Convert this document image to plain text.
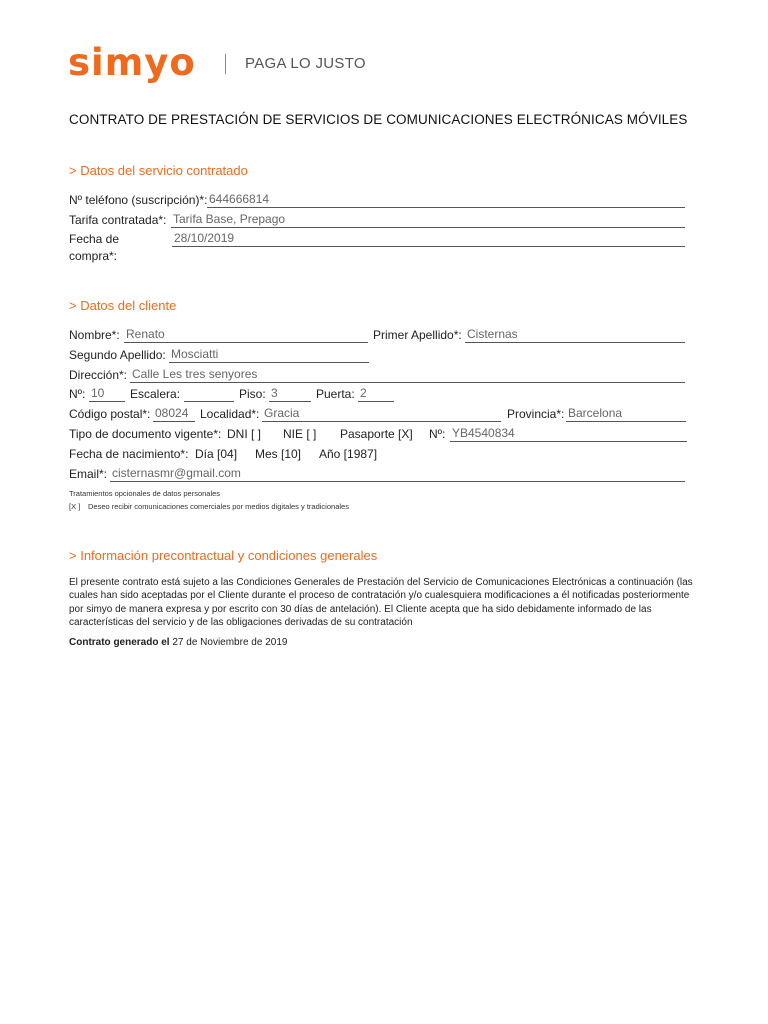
simyo	PAGA LO JUSTO
CONTRATO DE PRESTACIÓN DE SERVICIOS DE COMUNICACIONES ELECTRÓNICAS MÓVILES
> Datos del servicio contratado
Nº teléfono (suscripción)*: 644666814
Tarifa contratada*: Tarifa Base, Prepago
Fecha de
compra*:
28/10/2019
> Datos del cliente
Nombre*: Renato	Primer Apellido*: Cisternas
Segundo Apellido: Mosciatti
Dirección*: Calle Les tres senyores
Nº: 10	Escalera:	Piso: 3	Puerta: 2
Código postal*: 08024 Localidad*: Gracia	Provincia*: Barcelona
Tipo de documento vigente*: DNI [ ] NIE [ ] Pasaporte [X] Nº: YB4540834
Fecha de nacimiento*: Día [04] Mes [10] Año [1987]
Email*: cisternasmr@gmail.com
Tratamientos opcionales de datos personales
[X ] Deseo recibir comunicaciones comerciales por medios digitales y tradicionales
> Información precontractual y condiciones generales
El presente contrato está sujeto a las Condiciones Generales de Prestación del Servicio de Comunicaciones Electrónicas a continuación (las cuales han sido aceptadas por el Cliente durante el proceso de contratación y/o cualesquiera modificaciones a él notificadas posteriormente por simyo de manera expresa y por escrito con 30 días de antelación). El Cliente acepta que ha sido debidamente informado de las características del servicio y de las obligaciones derivadas de su contratación
Contrato generado el 27 de Noviembre de 2019
